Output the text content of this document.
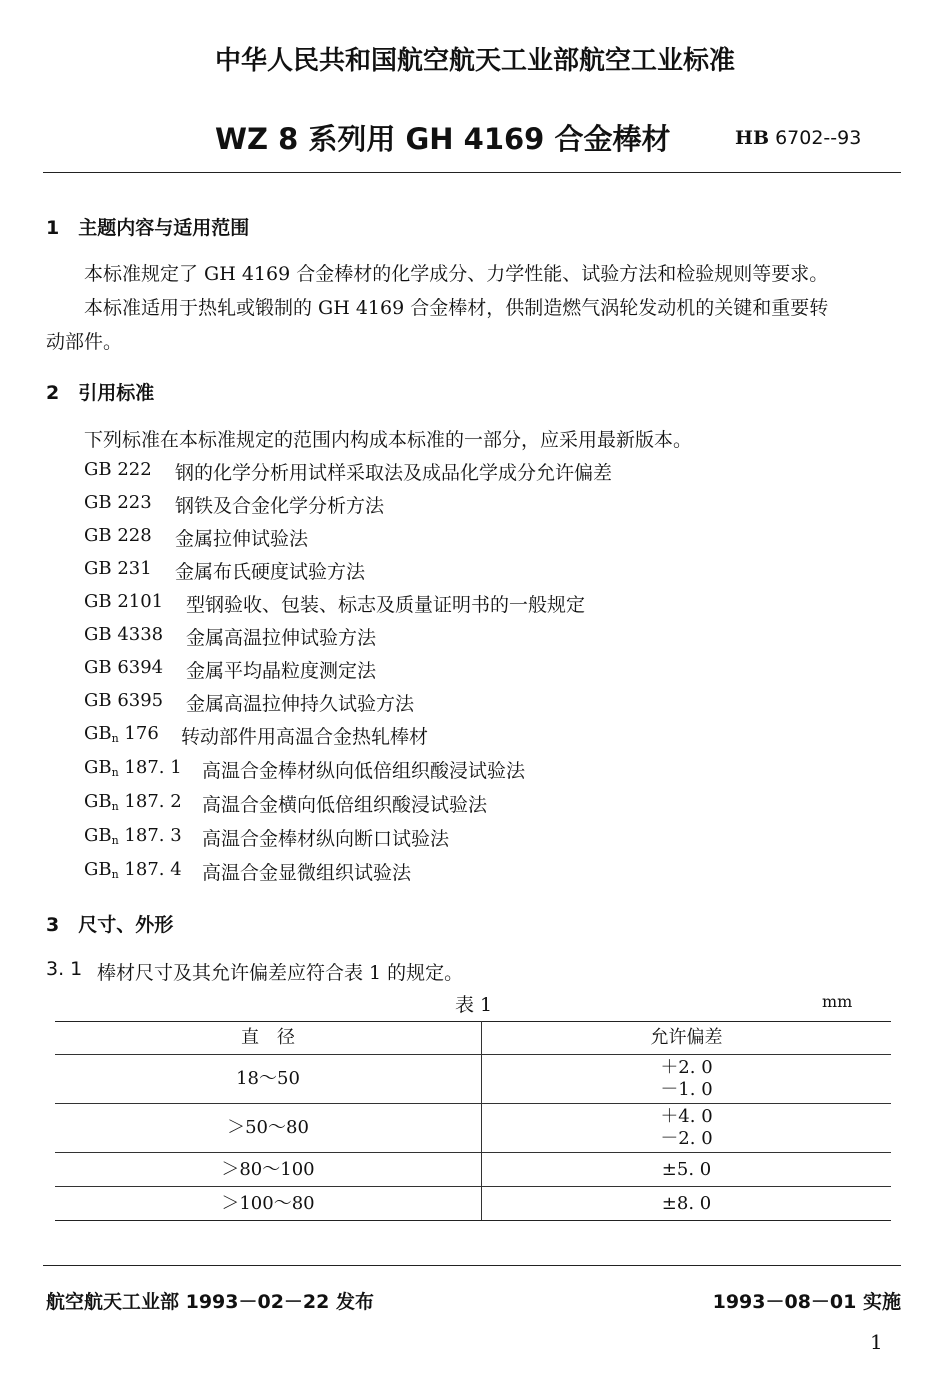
中华人民共和国航空航天工业部航空工业标准
WZ 8 系列用 GH 4169 合金棒材	HB 6702--93
1　主题内容与适用范围
本标准规定了 GH 4169 合金棒材的化学成分、力学性能、试验方法和检验规则等要求。
本标准适用于热轧或锻制的 GH 4169 合金棒材，供制造燃气涡轮发动机的关键和重要转
动部件。
2　引用标准
下列标准在本标准规定的范围内构成本标准的一部分，应采用最新版本。
GB 222 钢的化学分析用试样采取法及成品化学成分允许偏差
GB 223 钢铁及合金化学分析方法
GB 228 金属拉伸试验法
GB 231 金属布氏硬度试验方法
GB 2101 型钢验收、包装、标志及质量证明书的一般规定
GB 4338 金属高温拉伸试验方法
GB 6394 金属平均晶粒度测定法
GB 6395 金属高温拉伸持久试验方法
$GB_n$ 176 转动部件用高温合金热轧棒材
$GB_n$ 187. 1 高温合金棒材纵向低倍组织酸浸试验法
$GB_n$ 187. 2 高温合金横向低倍组织酸浸试验法
$GB_n$ 187. 3 高温合金棒材纵向断口试验法
$GB_n$ 187. 4 高温合金显微组织试验法
3　尺寸、外形
3. 1 棒材尺寸及其允许偏差应符合表 1 的规定。
表 1	mm
直　径	允许偏差
18～50	＋2. 0
－1. 0

＞50～80	＋4. 0
－2. 0

＞80～100	±5. 0
＞100～80	±8. 0
航空航天工业部 1993－02－22 发布	1993－08－01 实施
1
